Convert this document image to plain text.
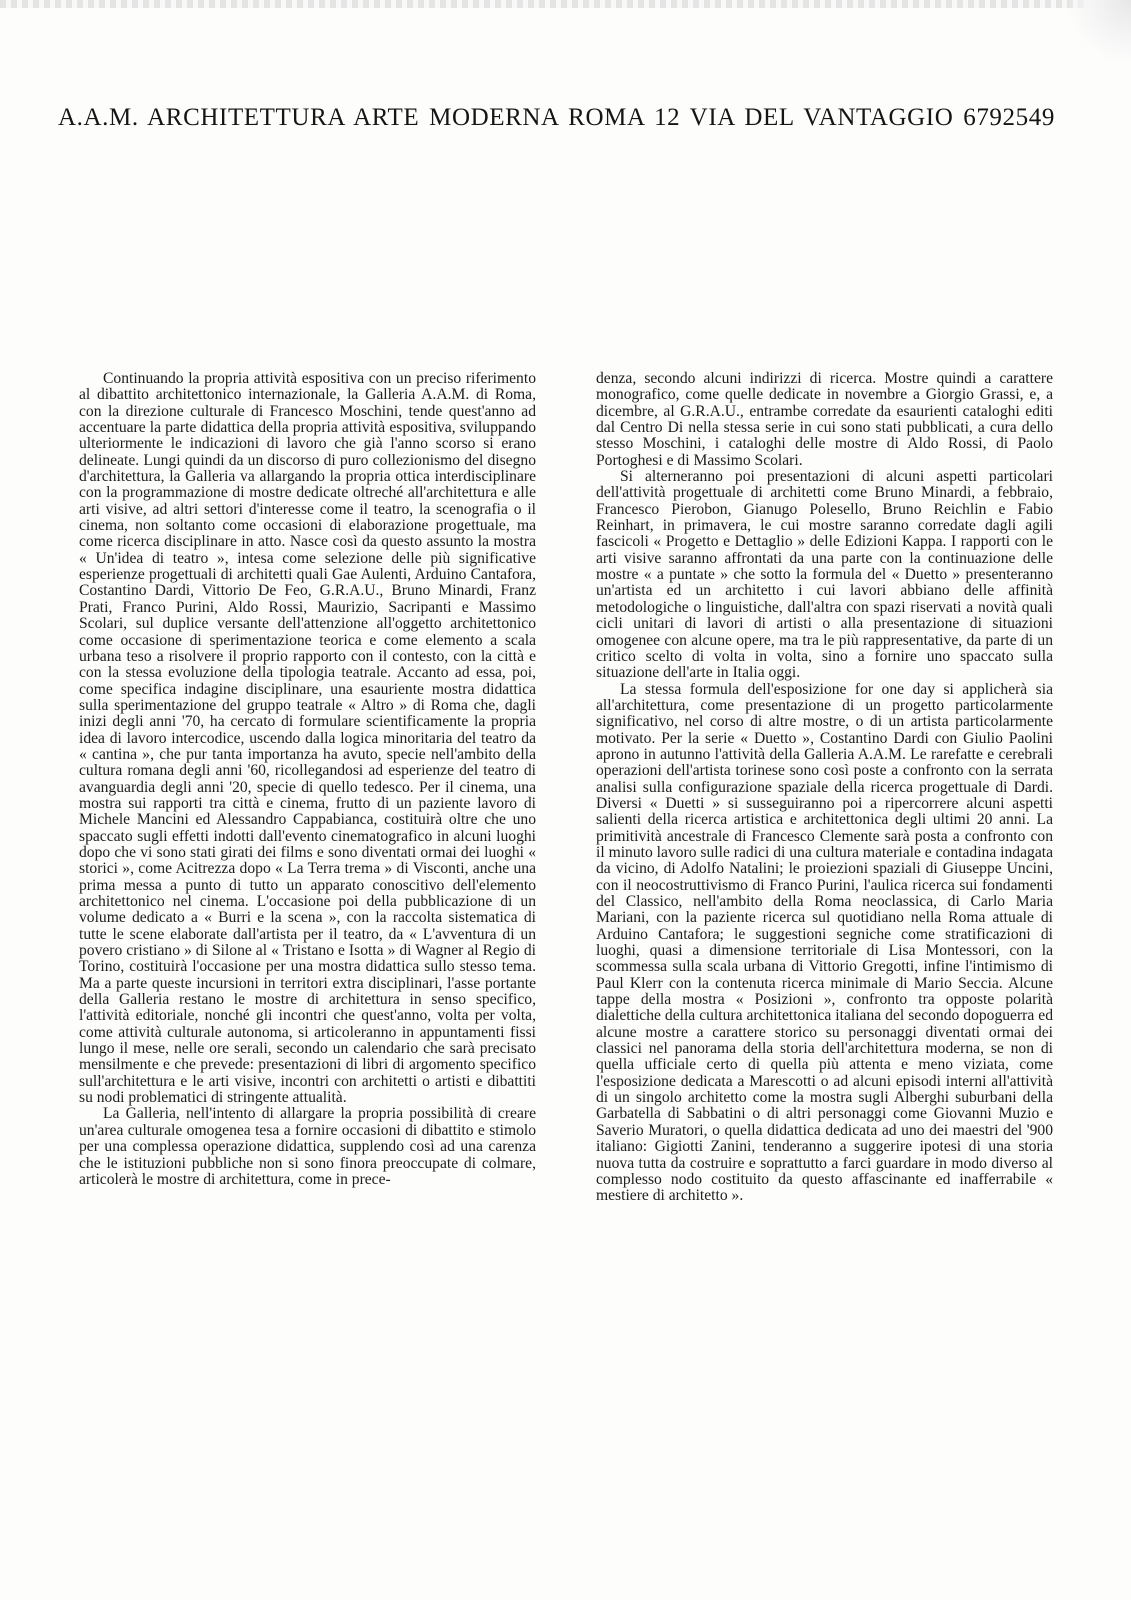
A.A.M. ARCHITETTURA ARTE MODERNA ROMA 12 VIA DEL VANTAGGIO 6792549

Continuando la propria attività espositiva con un preciso riferimento al dibattito architettonico internazionale, la Galleria A.A.M. di Roma, con la direzione culturale di Francesco Moschini, tende quest'anno ad accentuare la parte didattica della propria attività espositiva, sviluppando ulteriormente le indicazioni di lavoro che già l'anno scorso si erano delineate. Lungi quindi da un discorso di puro collezionismo del disegno d'architettura, la Galleria va allargando la propria ottica interdisciplinare con la programmazione di mostre dedicate oltreché all'architettura e alle arti visive, ad altri settori d'interesse come il teatro, la scenografia o il cinema, non soltanto come occasioni di elaborazione progettuale, ma come ricerca disciplinare in atto. Nasce così da questo assunto la mostra « Un'idea di teatro », intesa come selezione delle più significative esperienze progettuali di architetti quali Gae Aulenti, Arduino Cantafora, Costantino Dardi, Vittorio De Feo, G.R.A.U., Bruno Minardi, Franz Prati, Franco Purini, Aldo Rossi, Maurizio, Sacripanti e Massimo Scolari, sul duplice versante dell'attenzione all'oggetto architettonico come occasione di sperimentazione teorica e come elemento a scala urbana teso a risolvere il proprio rapporto con il contesto, con la città e con la stessa evoluzione della tipologia teatrale. Accanto ad essa, poi, come specifica indagine disciplinare, una esauriente mostra didattica sulla sperimentazione del gruppo teatrale « Altro » di Roma che, dagli inizi degli anni '70, ha cercato di formulare scientificamente la propria idea di lavoro intercodice, uscendo dalla logica minoritaria del teatro da « cantina », che pur tanta importanza ha avuto, specie nell'ambito della cultura romana degli anni '60, ricollegandosi ad esperienze del teatro di avanguardia degli anni '20, specie di quello tedesco. Per il cinema, una mostra sui rapporti tra città e cinema, frutto di un paziente lavoro di Michele Mancini ed Alessandro Cappabianca, costituirà oltre che uno spaccato sugli effetti indotti dall'evento cinematografico in alcuni luoghi dopo che vi sono stati girati dei films e sono diventati ormai dei luoghi « storici », come Acitrezza dopo « La Terra trema » di Visconti, anche una prima messa a punto di tutto un apparato conoscitivo dell'elemento architettonico nel cinema. L'occasione poi della pubblicazione di un volume dedicato a « Burri e la scena », con la raccolta sistematica di tutte le scene elaborate dall'artista per il teatro, da « L'avventura di un povero cristiano » di Silone al « Tristano e Isotta » di Wagner al Regio di Torino, costituirà l'occasione per una mostra didattica sullo stesso tema. Ma a parte queste incursioni in territori extra disciplinari, l'asse portante della Galleria restano le mostre di architettura in senso specifico, l'attività editoriale, nonché gli incontri che quest'anno, volta per volta, come attività culturale autonoma, si articoleranno in appuntamenti fissi lungo il mese, nelle ore serali, secondo un calendario che sarà precisato mensilmente e che prevede: presentazioni di libri di argomento specifico sull'architettura e le arti visive, incontri con architetti o artisti e dibattiti su nodi problematici di stringente attualità.

La Galleria, nell'intento di allargare la propria possibilità di creare un'area culturale omogenea tesa a fornire occasioni di dibattito e stimolo per una complessa operazione didattica, supplendo così ad una carenza che le istituzioni pubbliche non si sono finora preoccupate di colmare, articolerà le mostre di architettura, come in prece-

denza, secondo alcuni indirizzi di ricerca. Mostre quindi a carattere monografico, come quelle dedicate in novembre a Giorgio Grassi, e, a dicembre, al G.R.A.U., entrambe corredate da esaurienti cataloghi editi dal Centro Di nella stessa serie in cui sono stati pubblicati, a cura dello stesso Moschini, i cataloghi delle mostre di Aldo Rossi, di Paolo Portoghesi e di Massimo Scolari.

Si alterneranno poi presentazioni di alcuni aspetti particolari dell'attività progettuale di architetti come Bruno Minardi, a febbraio, Francesco Pierobon, Gianugo Polesello, Bruno Reichlin e Fabio Reinhart, in primavera, le cui mostre saranno corredate dagli agili fascicoli « Progetto e Dettaglio » delle Edizioni Kappa. I rapporti con le arti visive saranno affrontati da una parte con la continuazione delle mostre « a puntate » che sotto la formula del « Duetto » presenteranno un'artista ed un architetto i cui lavori abbiano delle affinità metodologiche o linguistiche, dall'altra con spazi riservati a novità quali cicli unitari di lavori di artisti o alla presentazione di situazioni omogenee con alcune opere, ma tra le più rappresentative, da parte di un critico scelto di volta in volta, sino a fornire uno spaccato sulla situazione dell'arte in Italia oggi.

La stessa formula dell'esposizione for one day si applicherà sia all'architettura, come presentazione di un progetto particolarmente significativo, nel corso di altre mostre, o di un artista particolarmente motivato. Per la serie « Duetto », Costantino Dardi con Giulio Paolini aprono in autunno l'attività della Galleria A.A.M. Le rarefatte e cerebrali operazioni dell'artista torinese sono così poste a confronto con la serrata analisi sulla configurazione spaziale della ricerca progettuale di Dardi. Diversi « Duetti » si susseguiranno poi a ripercorrere alcuni aspetti salienti della ricerca artistica e architettonica degli ultimi 20 anni. La primitività ancestrale di Francesco Clemente sarà posta a confronto con il minuto lavoro sulle radici di una cultura materiale e contadina indagata da vicino, di Adolfo Natalini; le proiezioni spaziali di Giuseppe Uncini, con il neocostruttivismo di Franco Purini, l'aulica ricerca sui fondamenti del Classico, nell'ambito della Roma neoclassica, di Carlo Maria Mariani, con la paziente ricerca sul quotidiano nella Roma attuale di Arduino Cantafora; le suggestioni segniche come stratificazioni di luoghi, quasi a dimensione territoriale di Lisa Montessori, con la scommessa sulla scala urbana di Vittorio Gregotti, infine l'intimismo di Paul Klerr con la contenuta ricerca minimale di Mario Seccia. Alcune tappe della mostra « Posizioni », confronto tra opposte polarità dialettiche della cultura architettonica italiana del secondo dopoguerra ed alcune mostre a carattere storico su personaggi diventati ormai dei classici nel panorama della storia dell'architettura moderna, se non di quella ufficiale certo di quella più attenta e meno viziata, come l'esposizione dedicata a Marescotti o ad alcuni episodi interni all'attività di un singolo architetto come la mostra sugli Alberghi suburbani della Garbatella di Sabbatini o di altri personaggi come Giovanni Muzio e Saverio Muratori, o quella didattica dedicata ad uno dei maestri del '900 italiano: Gigiotti Zanini, tenderanno a suggerire ipotesi di una storia nuova tutta da costruire e soprattutto a farci guardare in modo diverso al complesso nodo costituito da questo affascinante ed inafferrabile « mestiere di architetto ».
